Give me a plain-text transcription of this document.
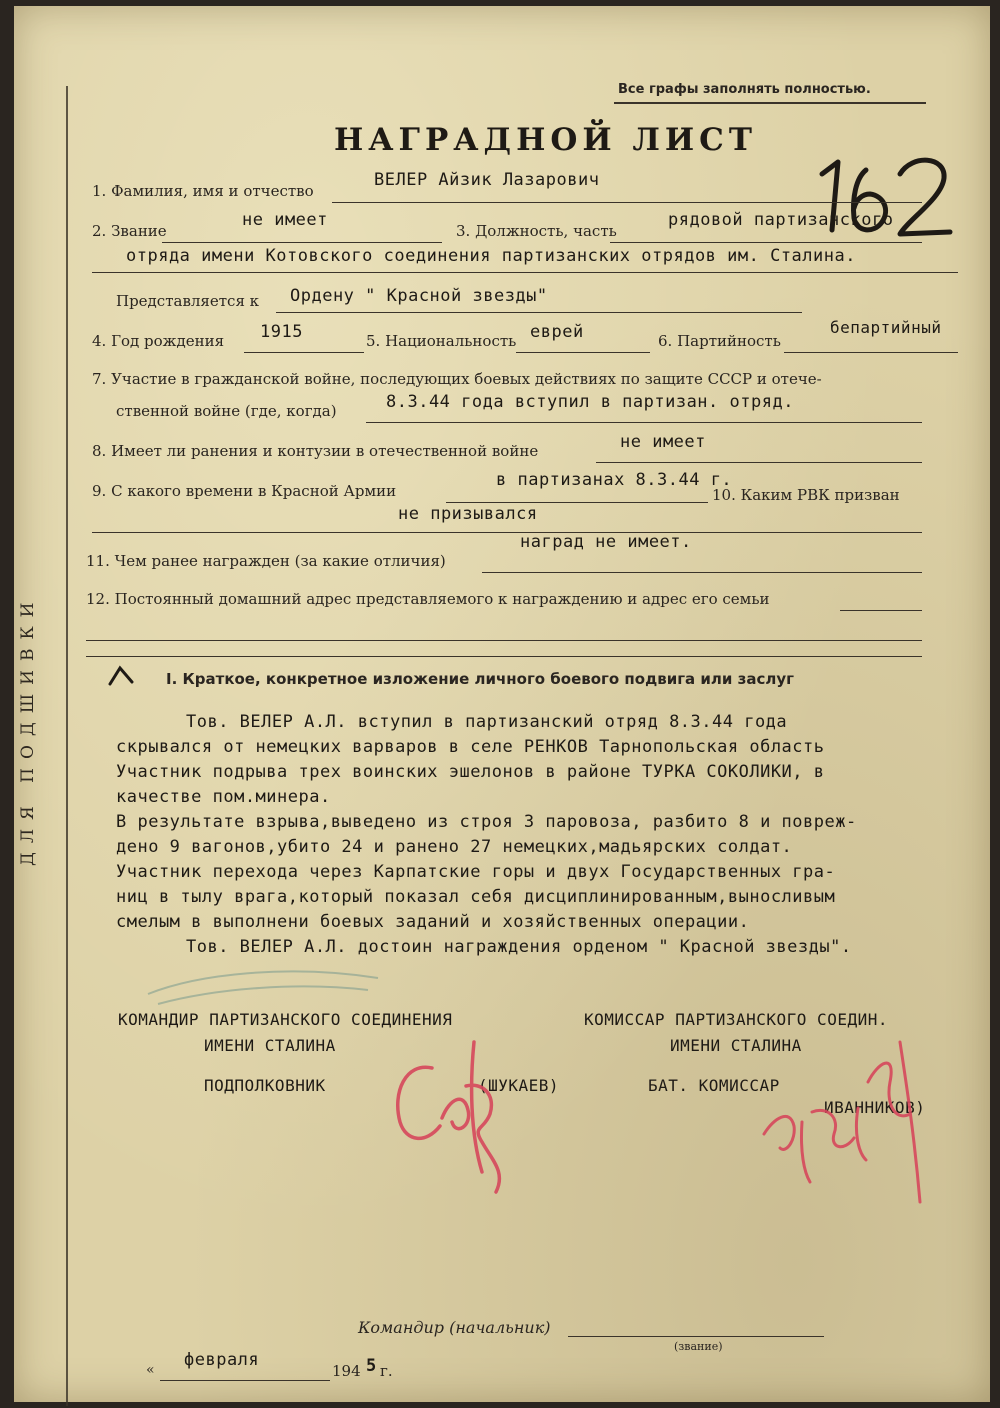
ДЛЯ ПОДШИВКИ
Все графы заполнять полностью.
НАГРАДНОЙ ЛИСТ
1. Фамилия, имя и отчество
ВЕЛЕР Айзик Лазарович
2. Звание
не имеет
3. Должность, часть
рядовой партизанского
отряда имени Котовского соединения партизанских отрядов им. Сталина.
Представляется к Ордену " Красной звезды"
4. Год рождения 1915	5. Национальность еврей	6. Партийность
бепартийный
7. Участие в гражданской войне, последующих боевых действиях по защите СССР и отече-
ственной войне (где, когда)	8.3.44 года вступил в партизан. отряд.
8. Имеет ли ранения и контузии в отечественной войне	не имеет
9. С какого времени в Красной Армии
в партизанах 8.3.44 г.
10. Каким РВК призван
не призывался
11. Чем ранее награжден (за какие отличия)
наград не имеет.
12. Постоянный домашний адрес представляемого к награждению и адрес его семьи
I. Краткое, конкретное изложение личного боевого подвига или заслуг
Тов. ВЕЛЕР А.Л. вступил в партизанский отряд 8.3.44 года
скрывался от немецких варваров в селе РЕНКОВ Тарнопольская область
Участник подрыва трех воинских эшелонов в районе ТУРКА СОКОЛИКИ, в
качестве пом.минера.
В результате взрыва,выведено из строя 3 паровоза, разбито 8 и повреж-
дено 9 вагонов,убито 24 и ранено 27 немецких,мадьярских солдат.
Участник перехода через Карпатские горы и двух Государственных гра-
ниц в тылу врага,который показал себя дисциплинированным,выносливым
смелым в выполнени боевых заданий и хозяйственных операции.
Тов. ВЕЛЕР А.Л. достоин награждения орденом " Красной звезды".
КОМАНДИР ПАРТИЗАНСКОГО СОЕДИНЕНИЯ
ИМЕНИ СТАЛИНА
ПОДПОЛКОВНИК	(ШУКАЕВ)
КОМИССАР ПАРТИЗАНСКОГО СОЕДИН.
ИМЕНИ СТАЛИНА
БАТ. КОМИССАР
ИВАННИКОВ)
Командир (начальник)
(звание)
« февраля
194 5 г.
